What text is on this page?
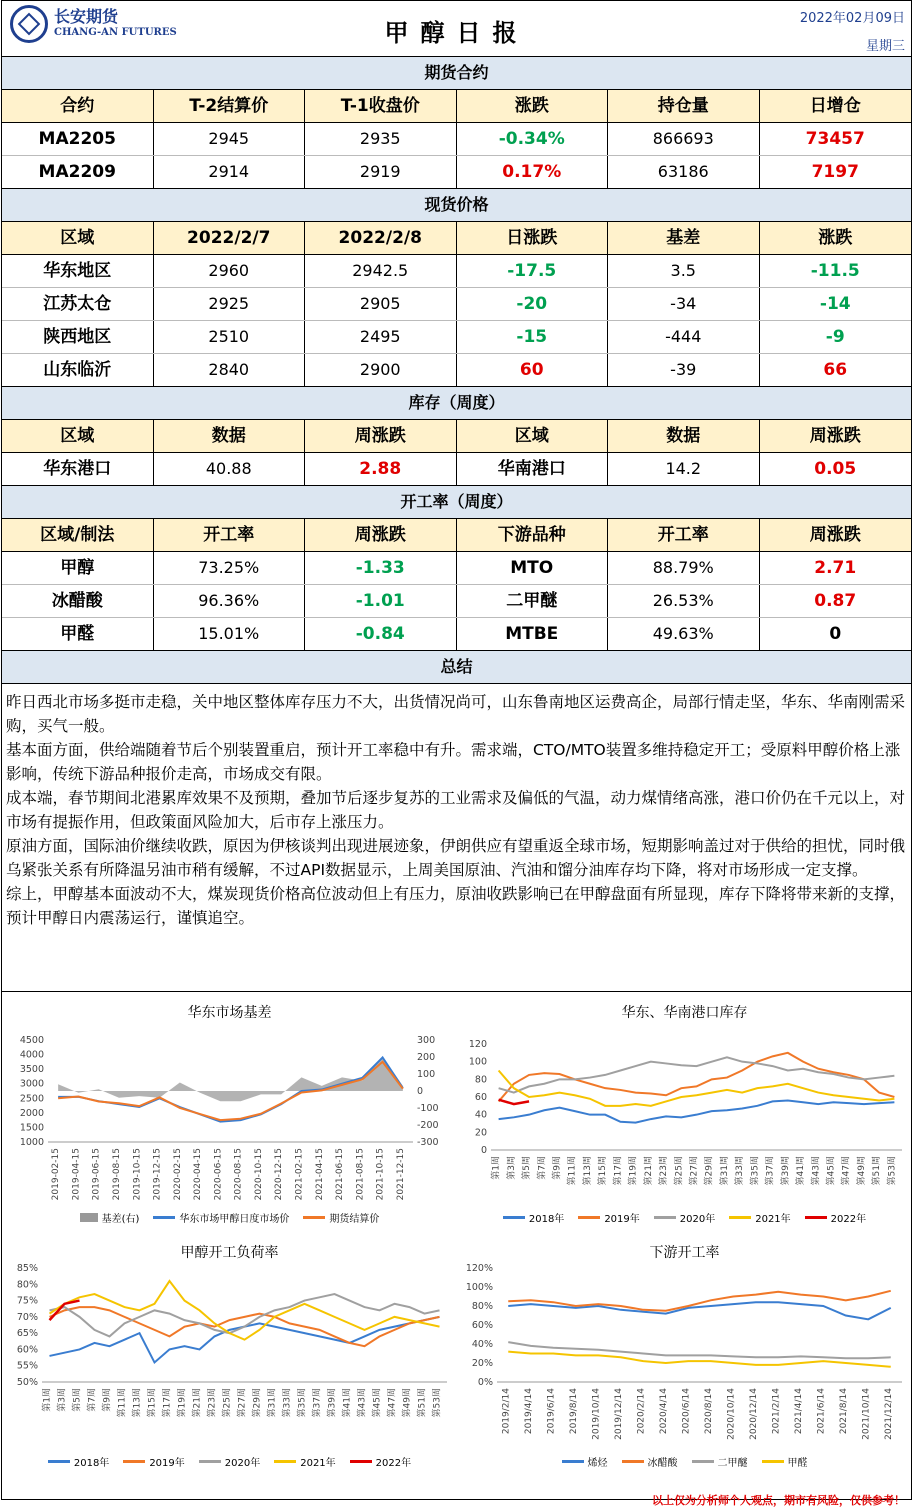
长安期货
CHANG-AN FUTURES	甲醇日报
2022年02月09日
星期三
期货合约
合约	T-2结算价	T-1收盘价	涨跌	持仓量	日增仓
MA2205	2945	2935	-0.34%	866693	73457
MA2209	2914	2919	0.17%	63186	7197
现货价格
区域	2022/2/7	2022/2/8	日涨跌	基差	涨跌
华东地区	2960	2942.5	-17.5	3.5	-11.5
江苏太仓	2925	2905	-20	-34	-14
陕西地区	2510	2495	-15	-444	-9
山东临沂	2840	2900	60	-39	66
库存（周度）
区域	数据	周涨跌	区域	数据	周涨跌
华东港口	40.88	2.88	华南港口	14.2	0.05
开工率（周度）
区域/制法	开工率	周涨跌	下游品种	开工率	周涨跌
甲醇	73.25%	-1.33	MTO	88.79%	2.71
冰醋酸	96.36%	-1.01	二甲醚	26.53%	0.87
甲醛	15.01%	-0.84	MTBE	49.63%	0
总结

昨日西北市场多挺市走稳，关中地区整体库存压力不大，出货情况尚可，山东鲁南地区运费高企，局部行情走坚，华东、华南刚需采购，买气一般。

基本面方面，供给端随着节后个别装置重启，预计开工率稳中有升。需求端，CTO/MTO装置多维持稳定开工；受原料甲醇价格上涨影响，传统下游品种报价走高，市场成交有限。

成本端，春节期间北港累库效果不及预期，叠加节后逐步复苏的工业需求及偏低的气温，动力煤情绪高涨，港口价仍在千元以上，对市场有提振作用，但政策面风险加大，后市存上涨压力。

原油方面，国际油价继续收跌，原因为伊核谈判出现进展迹象，伊朗供应有望重返全球市场，短期影响盖过对于供给的担忧，同时俄乌紧张关系有所降温另油市稍有缓解，不过API数据显示，上周美国原油、汽油和馏分油库存均下降，将对市场形成一定支撑。

综上，甲醇基本面波动不大，煤炭现货价格高位波动但上有压力，原油收跌影响已在甲醇盘面有所显现，库存下降将带来新的支撑，预计甲醇日内震荡运行，谨慎追空。

华东市场基差
4500
4000
3500
3000
2500
2000
1500
1000
300
200
100
0
-100
-200
-300
2019-02-15 2019-04-15 2019-06-15 2019-08-15 2019-10-15 2019-12-15 2020-02-15 2020-04-15 2020-06-15 2020-08-15 2020-10-15 2020-12-15 2021-02-15 2021-04-15 2021-06-15 2021-08-15 2021-10-15 2021-12-15
基差(右)	华东市场甲醇日度市场价	期货结算价
华东、华南港口库存
120
100
80
60
40
20
0
第1周 第3周 第5周 第7周 第9周 第11周 第13周 第15周 第17周 第19周 第21周 第23周 第25周 第27周 第29周 第31周 第33周 第35周 第37周 第39周 第41周 第43周 第45周 第47周 第49周 第51周 第53周
2018年	2019年	2020年	2021年	2022年
甲醇开工负荷率
85%
80%
75%
70%
65%
60%
55%
50%
第1周 第3周 第5周 第7周 第9周 第11周 第13周 第15周 第17周 第19周 第21周 第23周 第25周 第27周 第29周 第31周 第33周 第35周 第37周 第39周 第41周 第43周 第45周 第47周 第49周 第51周 第53周
2018年	2019年	2020年	2021年	2022年
下游开工率
120%
100%
80%
60%
40%
20%
0%
2019/2/14 2019/4/14 2019/6/14 2019/8/14 2019/10/14 2019/12/14 2020/2/14 2020/4/14 2020/6/14 2020/8/14 2020/10/14 2020/12/14 2021/2/14 2021/4/14 2021/6/14 2021/8/14 2021/10/14 2021/12/14
烯烃	冰醋酸	二甲醚	甲醛
以上仅为分析师个人观点，期市有风险，仅供参考！
